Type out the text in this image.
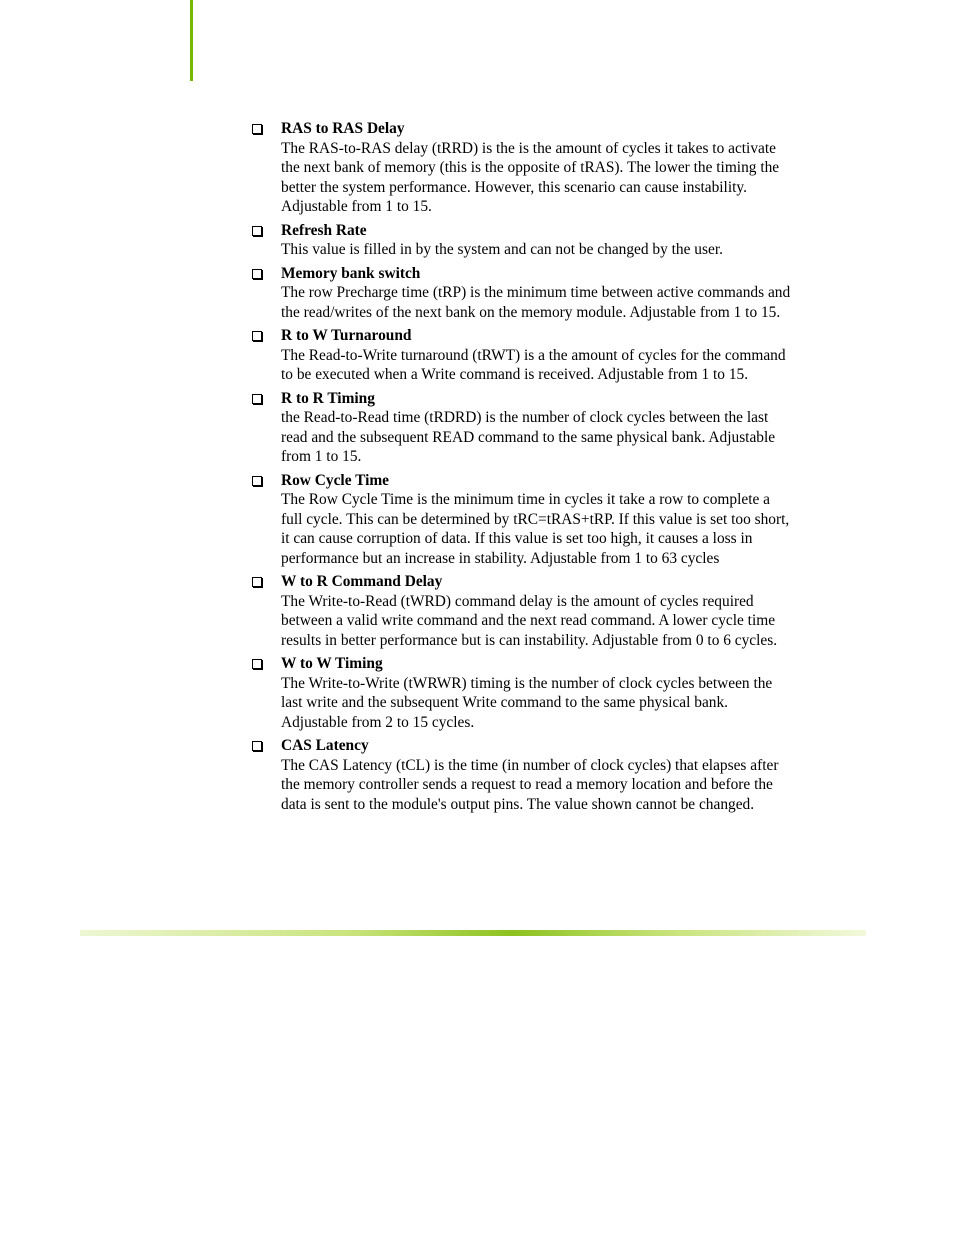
RAS to RAS Delay
The RAS-to-RAS delay (tRRD) is the is the amount of cycles it takes to activate the next bank of memory (this is the opposite of tRAS). The lower the timing the better the system performance. However, this scenario can cause instability. Adjustable from 1 to 15.
Refresh Rate
This value is filled in by the system and can not be changed by the user.
Memory bank switch
The row Precharge time (tRP) is the minimum time between active commands and the read/writes of the next bank on the memory module. Adjustable from 1 to 15.
R to W Turnaround
The Read-to-Write turnaround (tRWT) is a the amount of cycles for the command to be executed when a Write command is received. Adjustable from 1 to 15.
R to R Timing
the Read-to-Read time (tRDRD) is the number of clock cycles between the last read and the subsequent READ command to the same physical bank. Adjustable from 1 to 15.
Row Cycle Time
The Row Cycle Time is the minimum time in cycles it take a row to complete a full cycle. This can be determined by tRC=tRAS+tRP. If this value is set too short, it can cause corruption of data. If this value is set too high, it causes a loss in performance but an increase in stability. Adjustable from 1 to 63 cycles
W to R Command Delay
The Write-to-Read (tWRD) command delay is the amount of cycles required between a valid write command and the next read command. A lower cycle time results in better performance but is can instability. Adjustable from 0 to 6 cycles.
W to W Timing
The Write-to-Write (tWRWR) timing is the number of clock cycles between the last write and the subsequent Write command to the same physical bank. Adjustable from 2 to 15 cycles.
CAS Latency
The CAS Latency (tCL) is the time (in number of clock cycles) that elapses after the memory controller sends a request to read a memory location and before the data is sent to the module's output pins. The value shown cannot be changed.
